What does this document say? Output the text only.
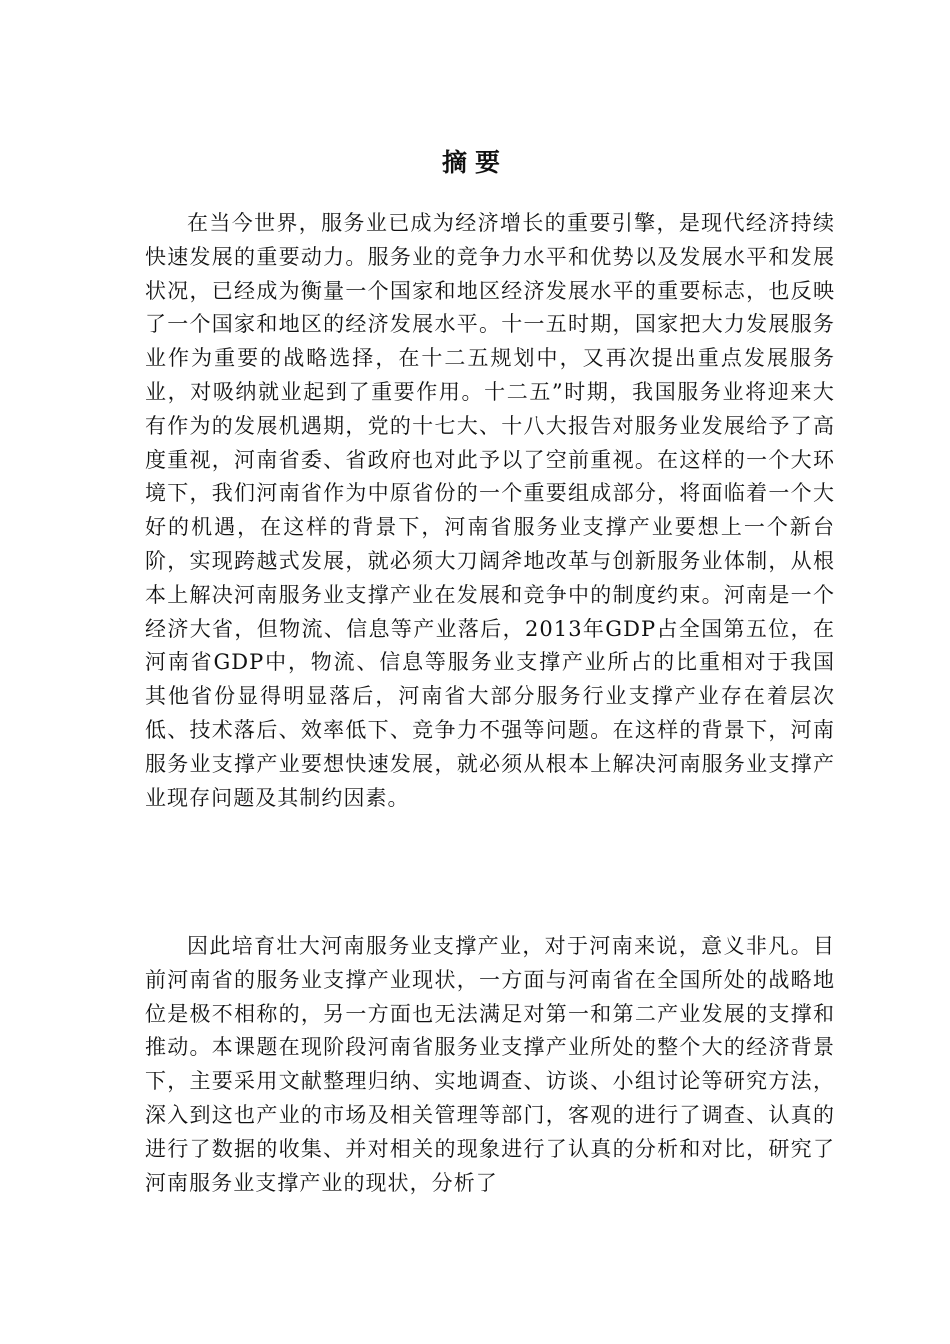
摘要

在当今世界，服务业已成为经济增长的重要引擎，是现代经济持续快速发展的重要动力。服务业的竞争力水平和优势以及发展水平和发展状况，已经成为衡量一个国家和地区经济发展水平的重要标志，也反映了一个国家和地区的经济发展水平。十一五时期，国家把大力发展服务业作为重要的战略选择，在十二五规划中，又再次提出重点发展服务业，对吸纳就业起到了重要作用。十二五”时期，我国服务业将迎来大有作为的发展机遇期，党的十七大、十八大报告对服务业发展给予了高度重视，河南省委、省政府也对此予以了空前重视。在这样的一个大环境下，我们河南省作为中原省份的一个重要组成部分，将面临着一个大好的机遇，在这样的背景下，河南省服务业支撑产业要想上一个新台阶，实现跨越式发展，就必须大刀阔斧地改革与创新服务业体制，从根本上解决河南服务业支撑产业在发展和竞争中的制度约束。河南是一个经济大省，但物流、信息等产业落后，2013年GDP占全国第五位，在河南省GDP中，物流、信息等服务业支撑产业所占的比重相对于我国其他省份显得明显落后，河南省大部分服务行业支撑产业存在着层次低、技术落后、效率低下、竞争力不强等问题。在这样的背景下，河南服务业支撑产业要想快速发展，就必须从根本上解决河南服务业支撑产业现存问题及其制约因素。

因此培育壮大河南服务业支撑产业，对于河南来说，意义非凡。目前河南省的服务业支撑产业现状，一方面与河南省在全国所处的战略地位是极不相称的，另一方面也无法满足对第一和第二产业发展的支撑和推动。本课题在现阶段河南省服务业支撑产业所处的整个大的经济背景下，主要采用文献整理归纳、实地调查、访谈、小组讨论等研究方法，深入到这也产业的市场及相关管理等部门，客观的进行了调查、认真的进行了数据的收集、并对相关的现象进行了认真的分析和对比，研究了河南服务业支撑产业的现状，分析了
